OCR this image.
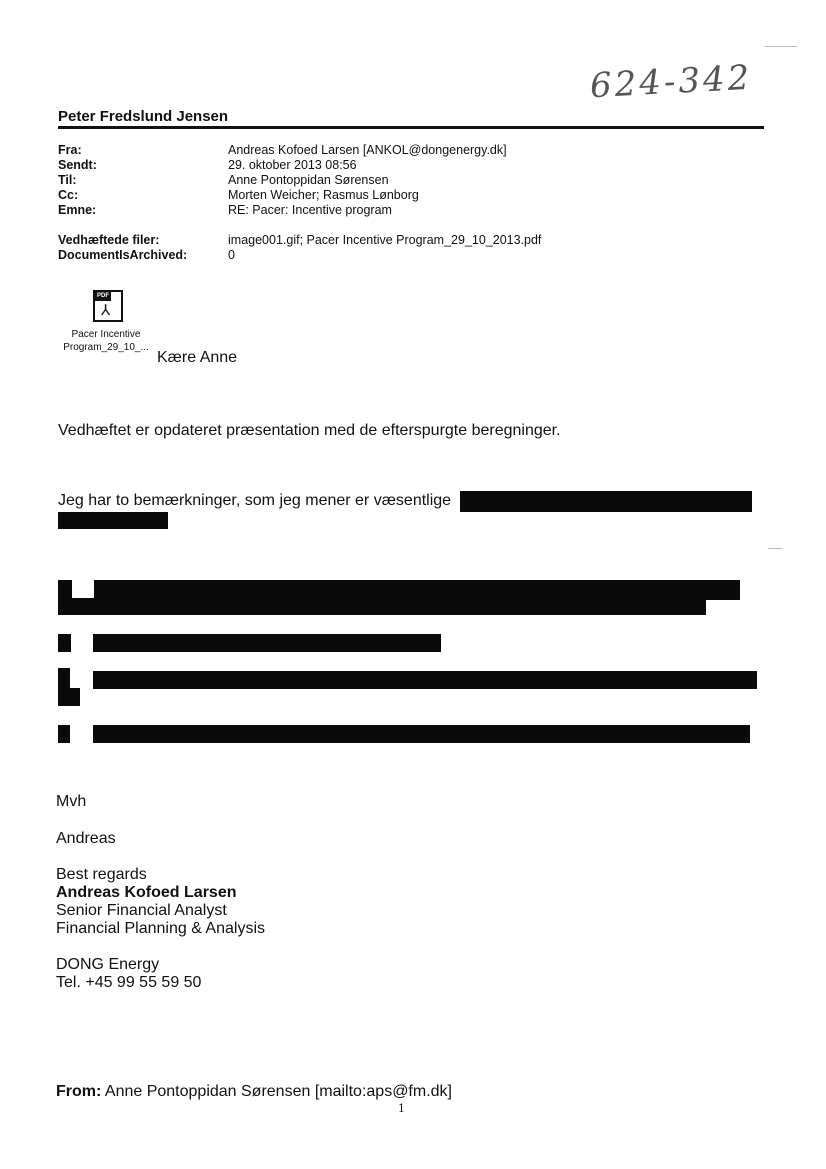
624-342
Peter Fredslund Jensen
Fra:	Andreas Kofoed Larsen [ANKOL@dongenergy.dk]
Sendt:	29. oktober 2013 08:56
Til:	Anne Pontoppidan Sørensen
Cc:	Morten Weicher; Rasmus Lønborg
Emne:	RE: Pacer: Incentive program
Vedhæftede filer:	image001.gif; Pacer Incentive Program_29_10_2013.pdf
DocumentIsArchived:	0
PDF
⅄
Pacer Incentive
Program_29_10_...
Kære Anne
Vedhæftet er opdateret præsentation med de efterspurgte beregninger.
Jeg har to bemærkninger, som jeg mener er væsentlige
Mvh
Andreas
Best regards
Andreas Kofoed Larsen
Senior Financial Analyst
Financial Planning & Analysis
DONG Energy
Tel. +45 99 55 59 50
From: Anne Pontoppidan Sørensen [mailto:aps@fm.dk]
1
